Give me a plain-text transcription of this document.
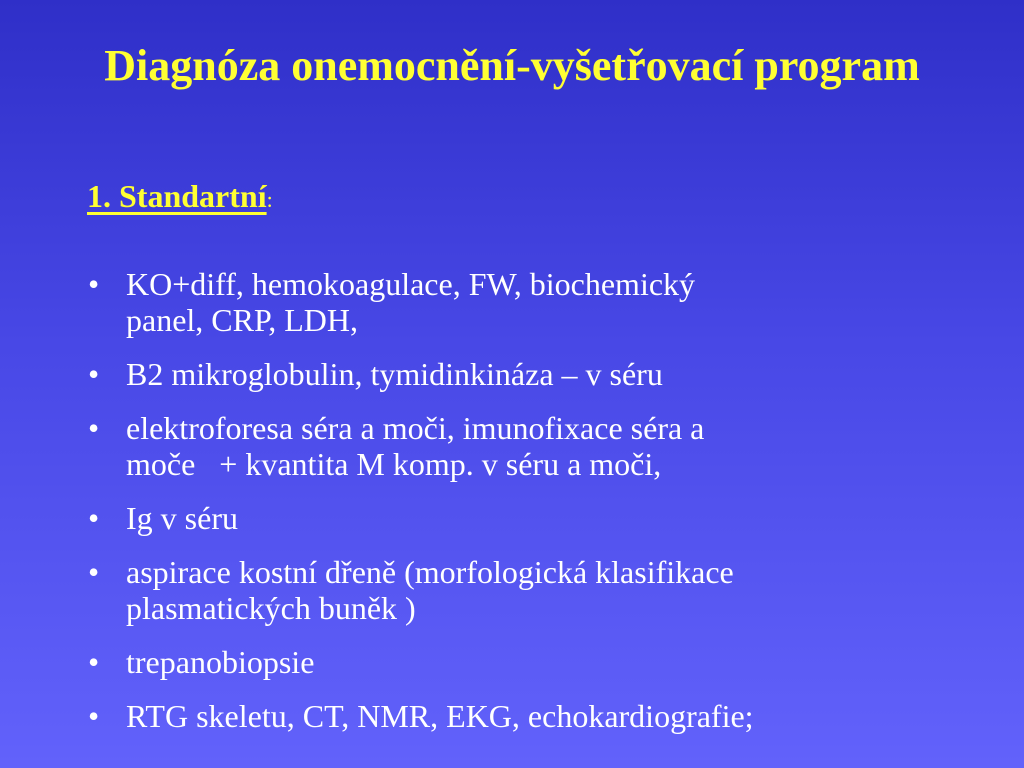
Diagnóza onemocnění-vyšetřovací program
1. Standartní:
• KO+diff, hemokoagulace, FW, biochemický
panel, CRP, LDH,
• B2 mikroglobulin, tymidinkináza – v séru
• elektroforesa séra a moči, imunofixace séra a
moče   + kvantita M komp. v séru a moči,
• Ig v séru
• aspirace kostní dřeně (morfologická klasifikace
plasmatických buněk )
• trepanobiopsie
• RTG skeletu, CT, NMR, EKG, echokardiografie;
